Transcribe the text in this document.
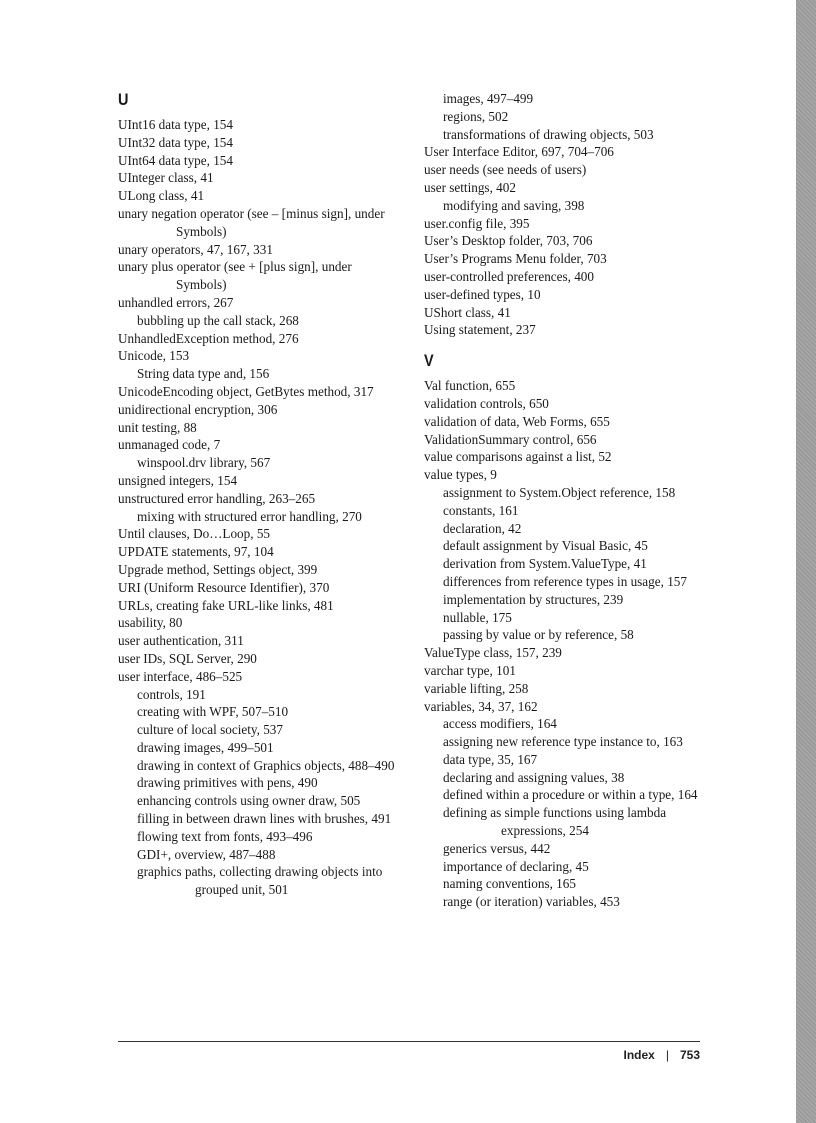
U
UInt16 data type, 154
UInt32 data type, 154
UInt64 data type, 154
UInteger class, 41
ULong class, 41
unary negation operator (see – [minus sign], under Symbols)
unary operators, 47, 167, 331
unary plus operator (see + [plus sign], under Symbols)
unhandled errors, 267
bubbling up the call stack, 268
UnhandledException method, 276
Unicode, 153
String data type and, 156
UnicodeEncoding object, GetBytes method, 317
unidirectional encryption, 306
unit testing, 88
unmanaged code, 7
winspool.drv library, 567
unsigned integers, 154
unstructured error handling, 263–265
mixing with structured error handling, 270
Until clauses, Do…Loop, 55
UPDATE statements, 97, 104
Upgrade method, Settings object, 399
URI (Uniform Resource Identifier), 370
URLs, creating fake URL-like links, 481
usability, 80
user authentication, 311
user IDs, SQL Server, 290
user interface, 486–525
controls, 191
creating with WPF, 507–510
culture of local society, 537
drawing images, 499–501
drawing in context of Graphics objects, 488–490
drawing primitives with pens, 490
enhancing controls using owner draw, 505
filling in between drawn lines with brushes, 491
flowing text from fonts, 493–496
GDI+, overview, 487–488
graphics paths, collecting drawing objects into grouped unit, 501
images, 497–499
regions, 502
transformations of drawing objects, 503
User Interface Editor, 697, 704–706
user needs (see needs of users)
user settings, 402
modifying and saving, 398
user.config file, 395
User’s Desktop folder, 703, 706
User’s Programs Menu folder, 703
user-controlled preferences, 400
user-defined types, 10
UShort class, 41
Using statement, 237
V
Val function, 655
validation controls, 650
validation of data, Web Forms, 655
ValidationSummary control, 656
value comparisons against a list, 52
value types, 9
assignment to System.Object reference, 158
constants, 161
declaration, 42
default assignment by Visual Basic, 45
derivation from System.ValueType, 41
differences from reference types in usage, 157
implementation by structures, 239
nullable, 175
passing by value or by reference, 58
ValueType class, 157, 239
varchar type, 101
variable lifting, 258
variables, 34, 37, 162
access modifiers, 164
assigning new reference type instance to, 163
data type, 35, 167
declaring and assigning values, 38
defined within a procedure or within a type, 164
defining as simple functions using lambda expressions, 254
generics versus, 442
importance of declaring, 45
naming conventions, 165
range (or iteration) variables, 453
Index | 753
